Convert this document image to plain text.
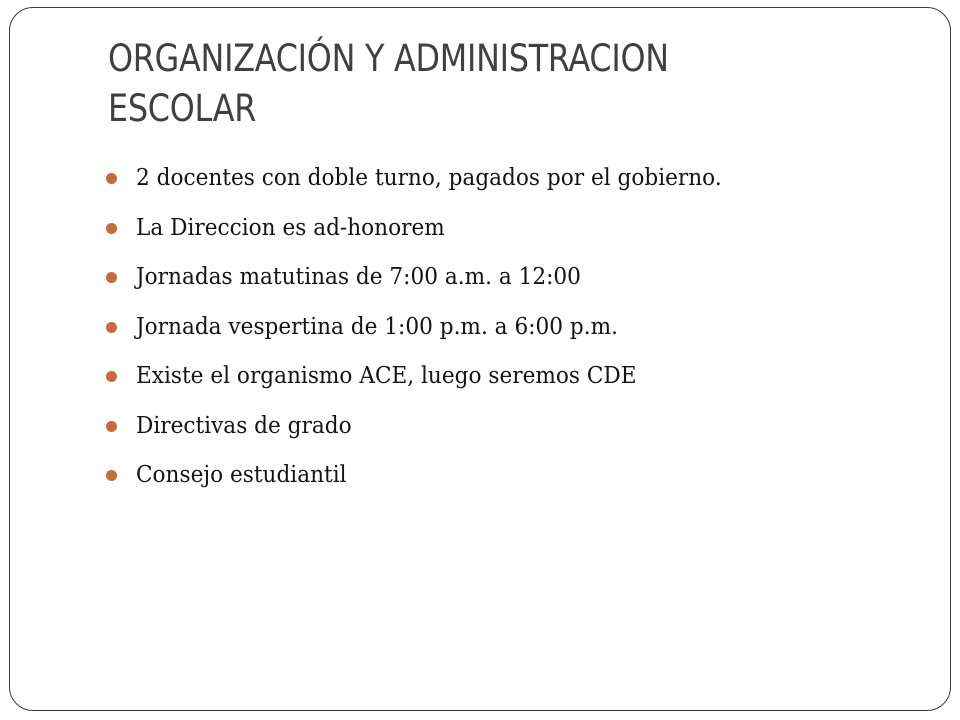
ORGANIZACIÓN Y ADMINISTRACION ESCOLAR
2 docentes con doble turno, pagados por el gobierno.
La Direccion es ad-honorem
Jornadas matutinas de 7:00 a.m. a 12:00
Jornada vespertina de 1:00 p.m. a 6:00 p.m.
Existe el organismo ACE, luego seremos CDE
Directivas de grado
Consejo estudiantil
